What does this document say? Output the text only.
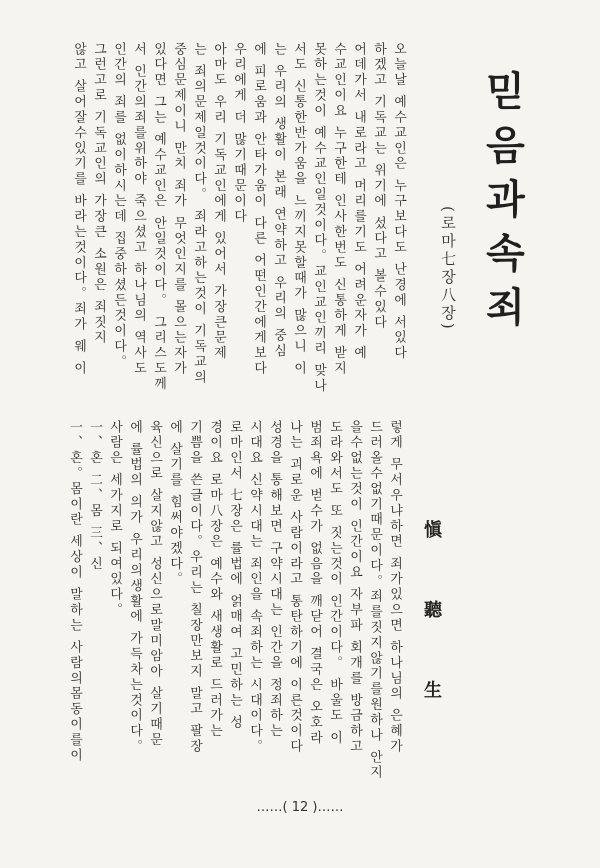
믿음과속죄
(로마七장八장)
愼 聽 生
오늘날 예수교인은 누구보다도 난경에 서있다
하겠고 기독교는 위기에 섰다고 볼수있다
어데가서 내로라고 머리를기도 어려운자가 예
수교인이요 누구한테 인사한번도 신통하게 받지
못하는것이 예수교인일것이다。교인교인끼리 맞나
서도 신통한반가움을 느끼지못할때가 많으니 이
는 우리의 생활이 본래 연약하고 우리의 중심
에 피로움과 안타가움이 다른 어떤인간에게보다
우리에게 더 많기때문이다
아마도 우리 기독교인에게 있어서 가장큰문제
는 죄의문제일것이다。 죄라고하는것이 기독교의
중심문제이니 만치 죄가 무엇인지를 몰으는자가
있다면 그는 예수교인은 안일것이다。 그리스도께
서 인간의죄를위하야 죽으셨고 하나님의 역사도
인간의 죄를 없이하시는데 집중하셨든것이다。
그런고로 기독교인의 가장큰 소원은 죄짓지
않고 살어잘수있기를 바라는것이다。죄가 웨 이
렇게 무서우냐하면 죄가있으면 하나님의 은혜가
드러올수없기때문이다。죄를짓지않기를원하나 안지
을수없는것이 인간이요 자부파 회개를 방금하고
도라와서도 또 짓는것이 인간이다。 바울도 이
범죄욕에 벋수가 없음을 깨닫어 결국은 오호라
나는 괴로운 사람이라고 통탄하기에 이른것이다
성경을 통해보면 구약시대는 인간을 정죄하는
시대요 신약시대는 죄인을 속죄하는 시대이다。
로마인서 七장은 률법에 얽매여 고민하는 성
경이요 로마八장은 예수와 새생활로 드러가는
기쁨을 쓴글이다。우리는 칠장만보지 말고 팔장
에 살기를 힘써야겠다。
육신으로 살지않고 성신으로말미암아 살기때문
에 률법의 의가 우리의생활에 가득차는것이다。
사람은 세가지로 되여있다。
一、혼 二、몸 三、신
一、혼。몸이란 세상이 말하는 사람의몸동이를이
……( 12 )……
